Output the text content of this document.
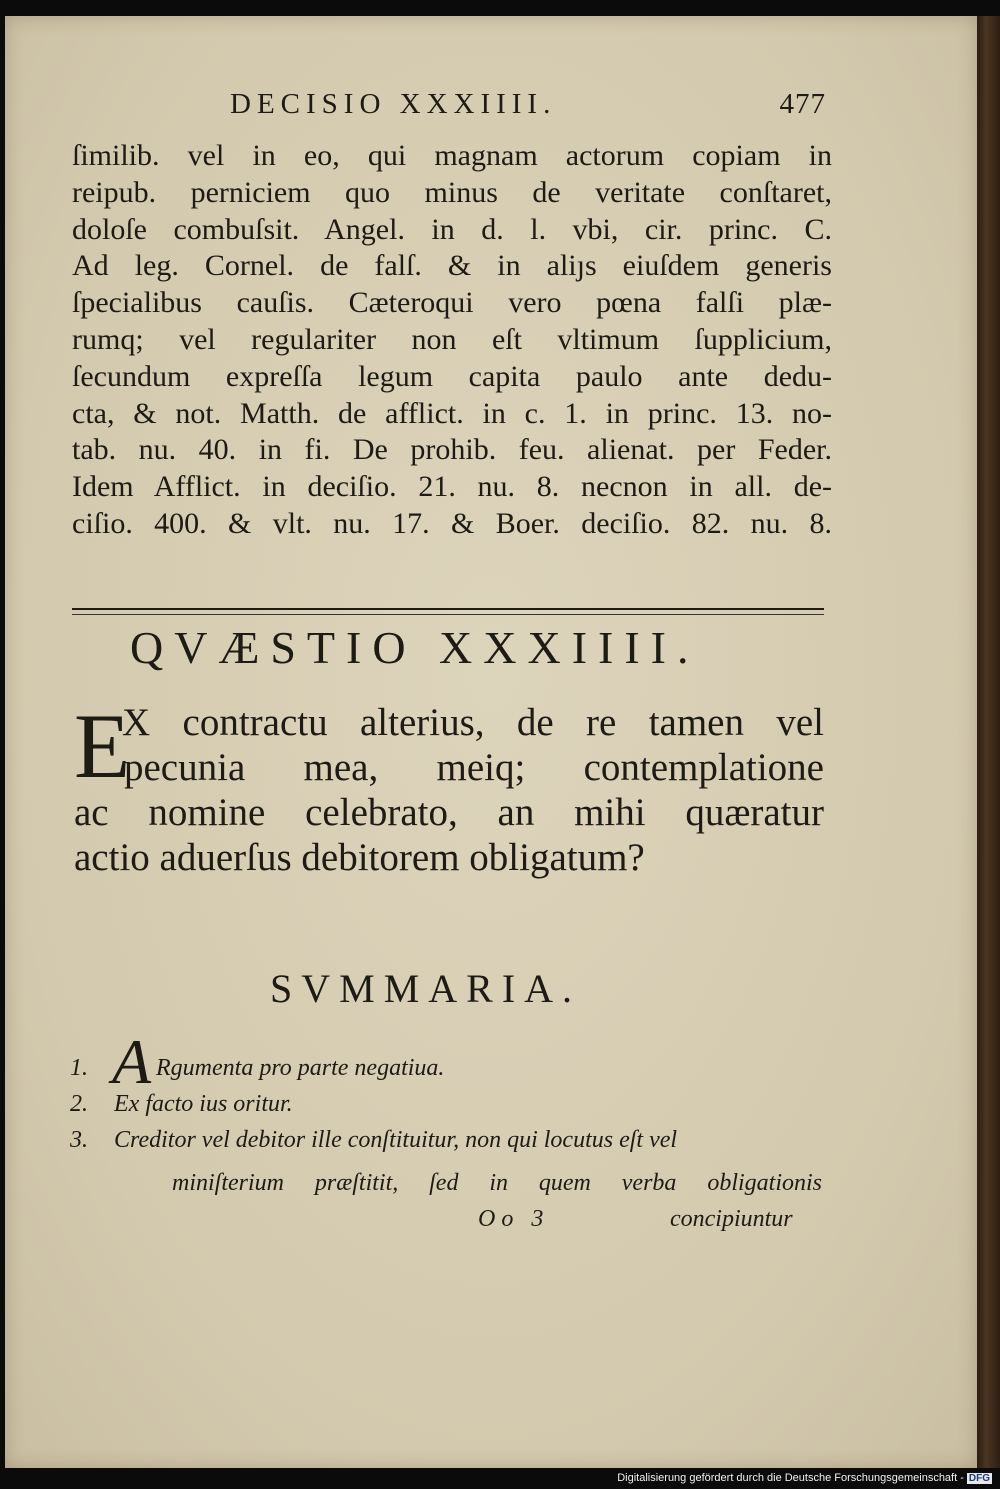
DECISIO XXXIIII.	477
ſimilib. vel in eo, qui magnam actorum copiam in
reipub. perniciem quo minus de veritate conſtaret,
doloſe combuſsit. Angel. in d. l. vbi, cir. princ. C.
Ad leg. Cornel. de falſ. & in aliȷs eiuſdem generis
ſpecialibus cauſis. Cæteroqui vero pœna falſi plæ-
rumq; vel regulariter non eſt vltimum ſupplicium,
ſecundum expreſſa legum capita paulo ante dedu-
cta, & not. Matth. de afflict. in c. 1. in princ. 13. no-
tab. nu. 40. in fi. De prohib. feu. alienat. per Feder.
Idem Afflict. in deciſio. 21. nu. 8. necnon in all. de-
ciſio. 400. & vlt. nu. 17. & Boer. deciſio. 82. nu. 8.
QVÆSTIO XXXIIII.
E
X contractu alterius, de re tamen vel
pecunia mea, meiq; contemplatione
ac nomine celebrato, an mihi quæratur
actio aduerſus debitorem obligatum?
SVMMARIA.
1. A Rgumenta pro parte negatiua.
2.	Ex facto ius oritur.
3.	Creditor vel debitor ille conſtituitur, non qui locutus eſt vel
miniſterium præſtitit, ſed in quem verba obligationis
Oo 3	concipiuntur
Digitalisierung gefördert durch die Deutsche Forschungsgemeinschaft - DFG
